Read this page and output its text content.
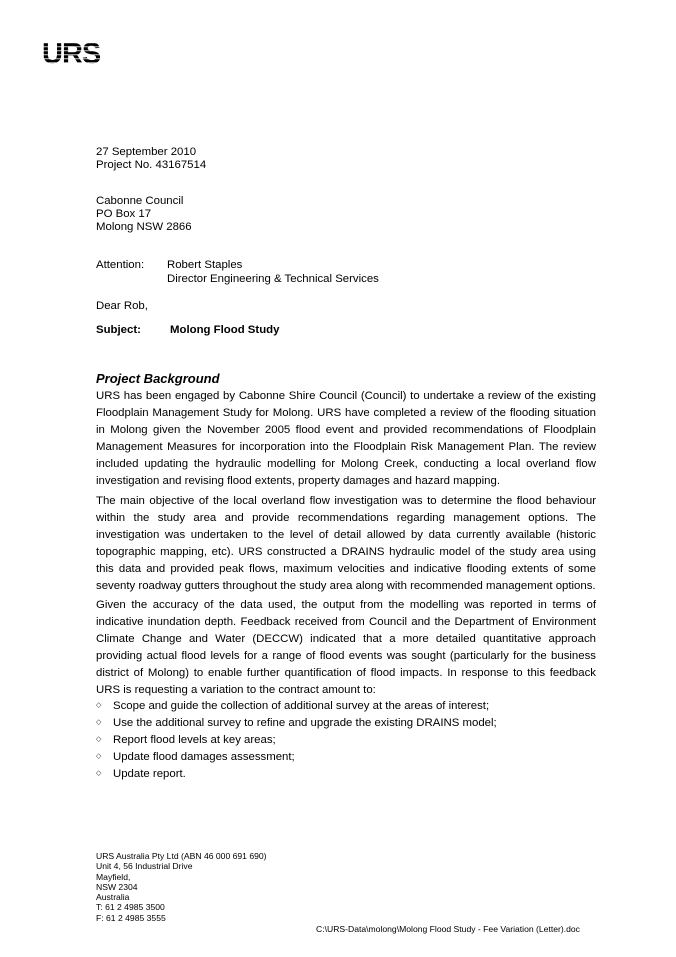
URS
27 September 2010
Project No. 43167514
Cabonne Council
PO Box 17
Molong NSW 2866
Attention:	Robert Staples
Director Engineering & Technical Services
Dear Rob,
Subject:	Molong Flood Study
Project Background

URS has been engaged by Cabonne Shire Council (Council) to undertake a review of the existing Floodplain Management Study for Molong. URS have completed a review of the flooding situation in Molong given the November 2005 flood event and provided recommendations of Floodplain Management Measures for incorporation into the Floodplain Risk Management Plan. The review included updating the hydraulic modelling for Molong Creek, conducting a local overland flow investigation and revising flood extents, property damages and hazard mapping.

The main objective of the local overland flow investigation was to determine the flood behaviour within the study area and provide recommendations regarding management options. The investigation was undertaken to the level of detail allowed by data currently available (historic topographic mapping, etc). URS constructed a DRAINS hydraulic model of the study area using this data and provided peak flows, maximum velocities and indicative flooding extents of some seventy roadway gutters throughout the study area along with recommended management options.

Given the accuracy of the data used, the output from the modelling was reported in terms of indicative inundation depth. Feedback received from Council and the Department of Environment Climate Change and Water (DECCW) indicated that a more detailed quantitative approach providing actual flood levels for a range of flood events was sought (particularly for the business district of Molong) to enable further quantification of flood impacts. In response to this feedback URS is requesting a variation to the contract amount to:

◇ Scope and guide the collection of additional survey at the areas of interest;
◇ Use the additional survey to refine and upgrade the existing DRAINS model;
◇ Report flood levels at key areas;
◇ Update flood damages assessment;
◇ Update report.
URS Australia Pty Ltd (ABN 46 000 691 690)
Unit 4, 56 Industrial Drive
Mayfield,
NSW 2304
Australia
T: 61 2 4985 3500
F: 61 2 4985 3555
C:\URS-Data\molong\Molong Flood Study - Fee Variation (Letter).doc
